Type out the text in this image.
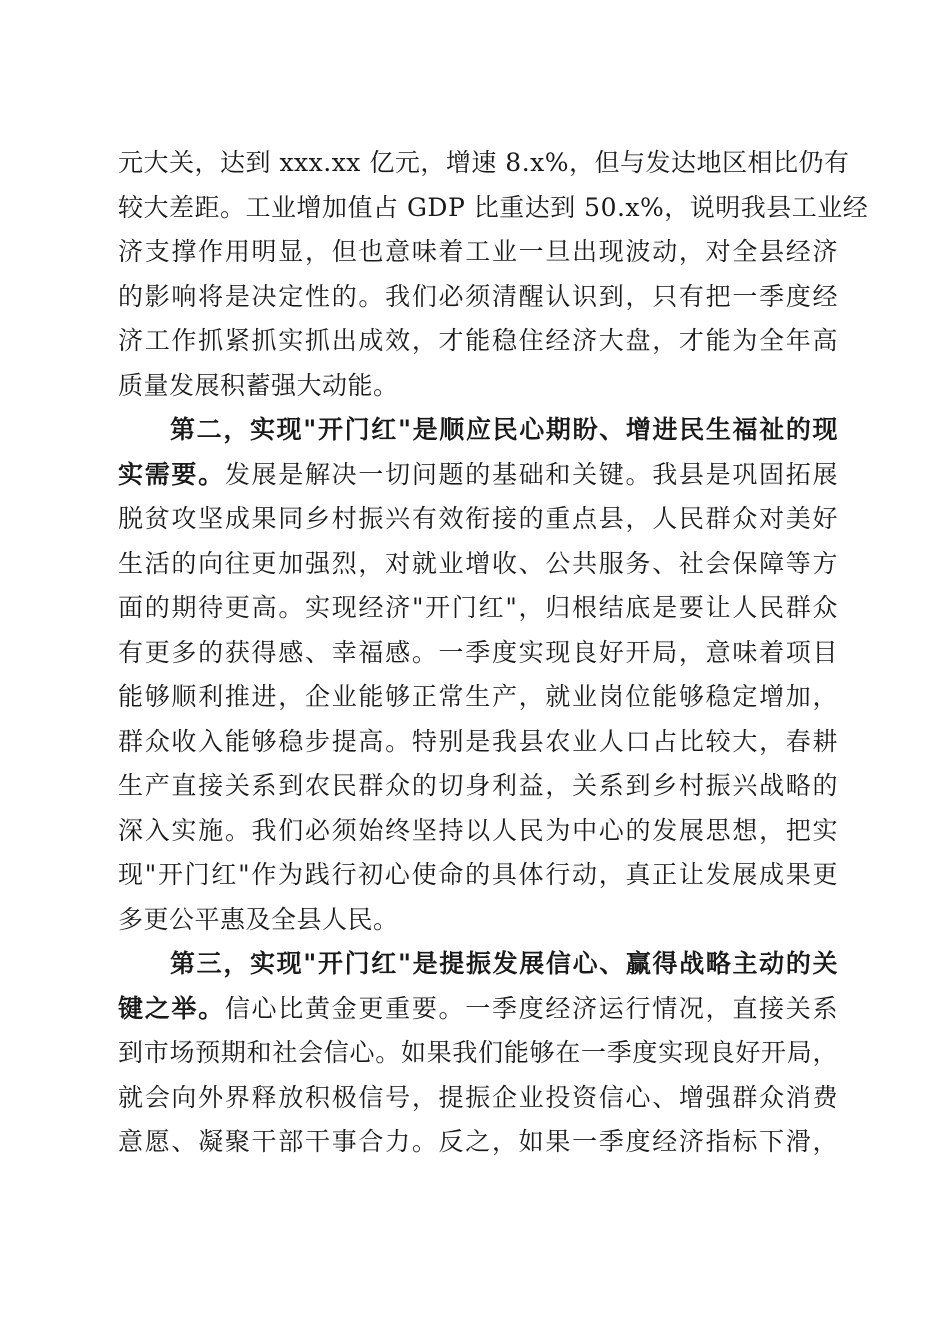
元大关，达到 xxx.xx 亿元，增速 8.x%，但与发达地区相比仍有
较大差距。工业增加值占 GDP 比重达到 50.x%，说明我县工业经
济支撑作用明显，但也意味着工业一旦出现波动，对全县经济
的影响将是决定性的。我们必须清醒认识到，只有把一季度经
济工作抓紧抓实抓出成效，才能稳住经济大盘，才能为全年高
质量发展积蓄强大动能。
第二，实现"开门红"是顺应民心期盼、增进民生福祉的现
实需要。发展是解决一切问题的基础和关键。我县是巩固拓展
脱贫攻坚成果同乡村振兴有效衔接的重点县，人民群众对美好
生活的向往更加强烈，对就业增收、公共服务、社会保障等方
面的期待更高。实现经济"开门红"，归根结底是要让人民群众
有更多的获得感、幸福感。一季度实现良好开局，意味着项目
能够顺利推进，企业能够正常生产，就业岗位能够稳定增加，
群众收入能够稳步提高。特别是我县农业人口占比较大，春耕
生产直接关系到农民群众的切身利益，关系到乡村振兴战略的
深入实施。我们必须始终坚持以人民为中心的发展思想，把实
现"开门红"作为践行初心使命的具体行动，真正让发展成果更
多更公平惠及全县人民。
第三，实现"开门红"是提振发展信心、赢得战略主动的关
键之举。信心比黄金更重要。一季度经济运行情况，直接关系
到市场预期和社会信心。如果我们能够在一季度实现良好开局，
就会向外界释放积极信号，提振企业投资信心、增强群众消费
意愿、凝聚干部干事合力。反之，如果一季度经济指标下滑，
